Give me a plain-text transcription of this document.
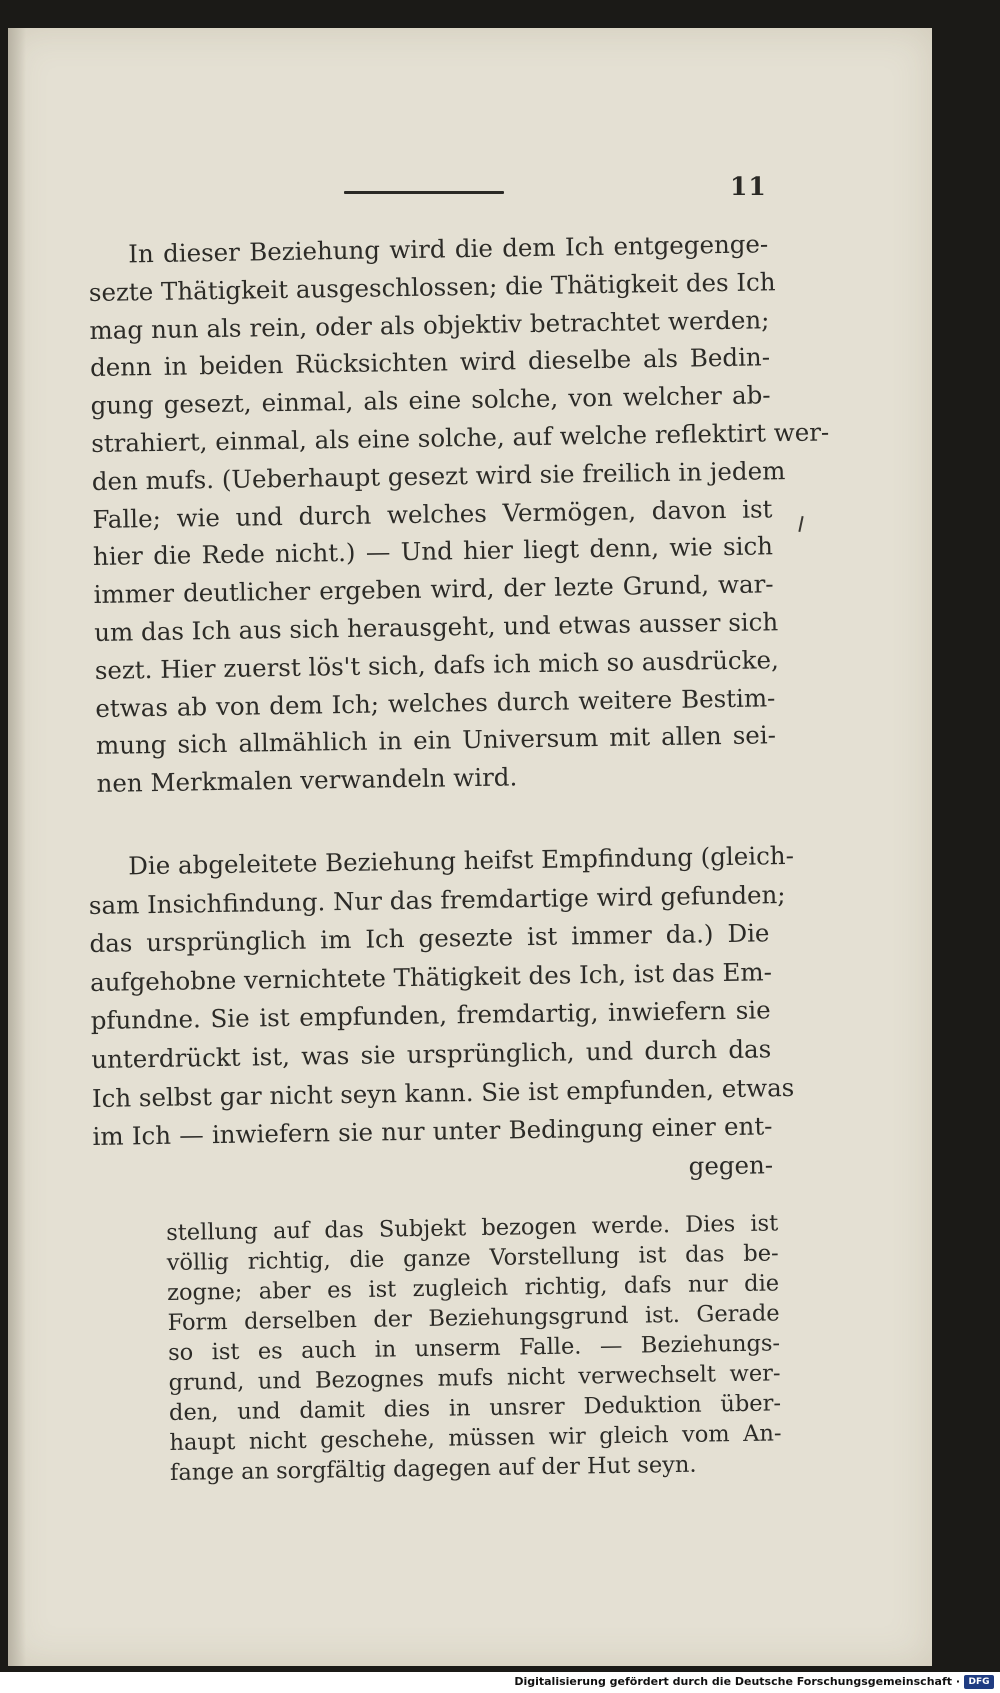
11
In dieser Beziehung wird die dem Ich entgegenge-
sezte Thätigkeit ausgeschlossen; die Thätigkeit des Ich
mag nun als rein, oder als objektiv betrachtet werden;
denn in beiden Rücksichten wird dieselbe als Bedin-
gung gesezt, einmal, als eine solche, von welcher ab-
strahiert, einmal, als eine solche, auf welche reflektirt wer-
den mufs. (Ueberhaupt gesezt wird sie freilich in jedem
Falle; wie und durch welches Vermögen, davon ist
hier die Rede nicht.) — Und hier liegt denn, wie sich
immer deutlicher ergeben wird, der lezte Grund, war-
um das Ich aus sich herausgeht, und etwas ausser sich
sezt. Hier zuerst lös't sich, dafs ich mich so ausdrücke,
etwas ab von dem Ich; welches durch weitere Bestim-
mung sich allmählich in ein Universum mit allen sei-
nen Merkmalen verwandeln wird.
Die abgeleitete Beziehung heifst Empfindung (gleich-
sam Insichfindung. Nur das fremdartige wird gefunden;
das ursprünglich im Ich gesezte ist immer da.) Die
aufgehobne vernichtete Thätigkeit des Ich, ist das Em-
pfundne. Sie ist empfunden, fremdartig, inwiefern sie
unterdrückt ist, was sie ursprünglich, und durch das
Ich selbst gar nicht seyn kann. Sie ist empfunden, etwas
im Ich — inwiefern sie nur unter Bedingung einer ent-
gegen-
stellung auf das Subjekt bezogen werde. Dies ist
völlig richtig, die ganze Vorstellung ist das be-
zogne; aber es ist zugleich richtig, dafs nur die
Form derselben der Beziehungsgrund ist. Gerade
so ist es auch in unserm Falle. — Beziehungs-
grund, und Bezognes mufs nicht verwechselt wer-
den, und damit dies in unsrer Deduktion über-
haupt nicht geschehe, müssen wir gleich vom An-
fange an sorgfältig dagegen auf der Hut seyn.
Digitalisierung gefördert durch die Deutsche Forschungsgemeinschaft · DFG
